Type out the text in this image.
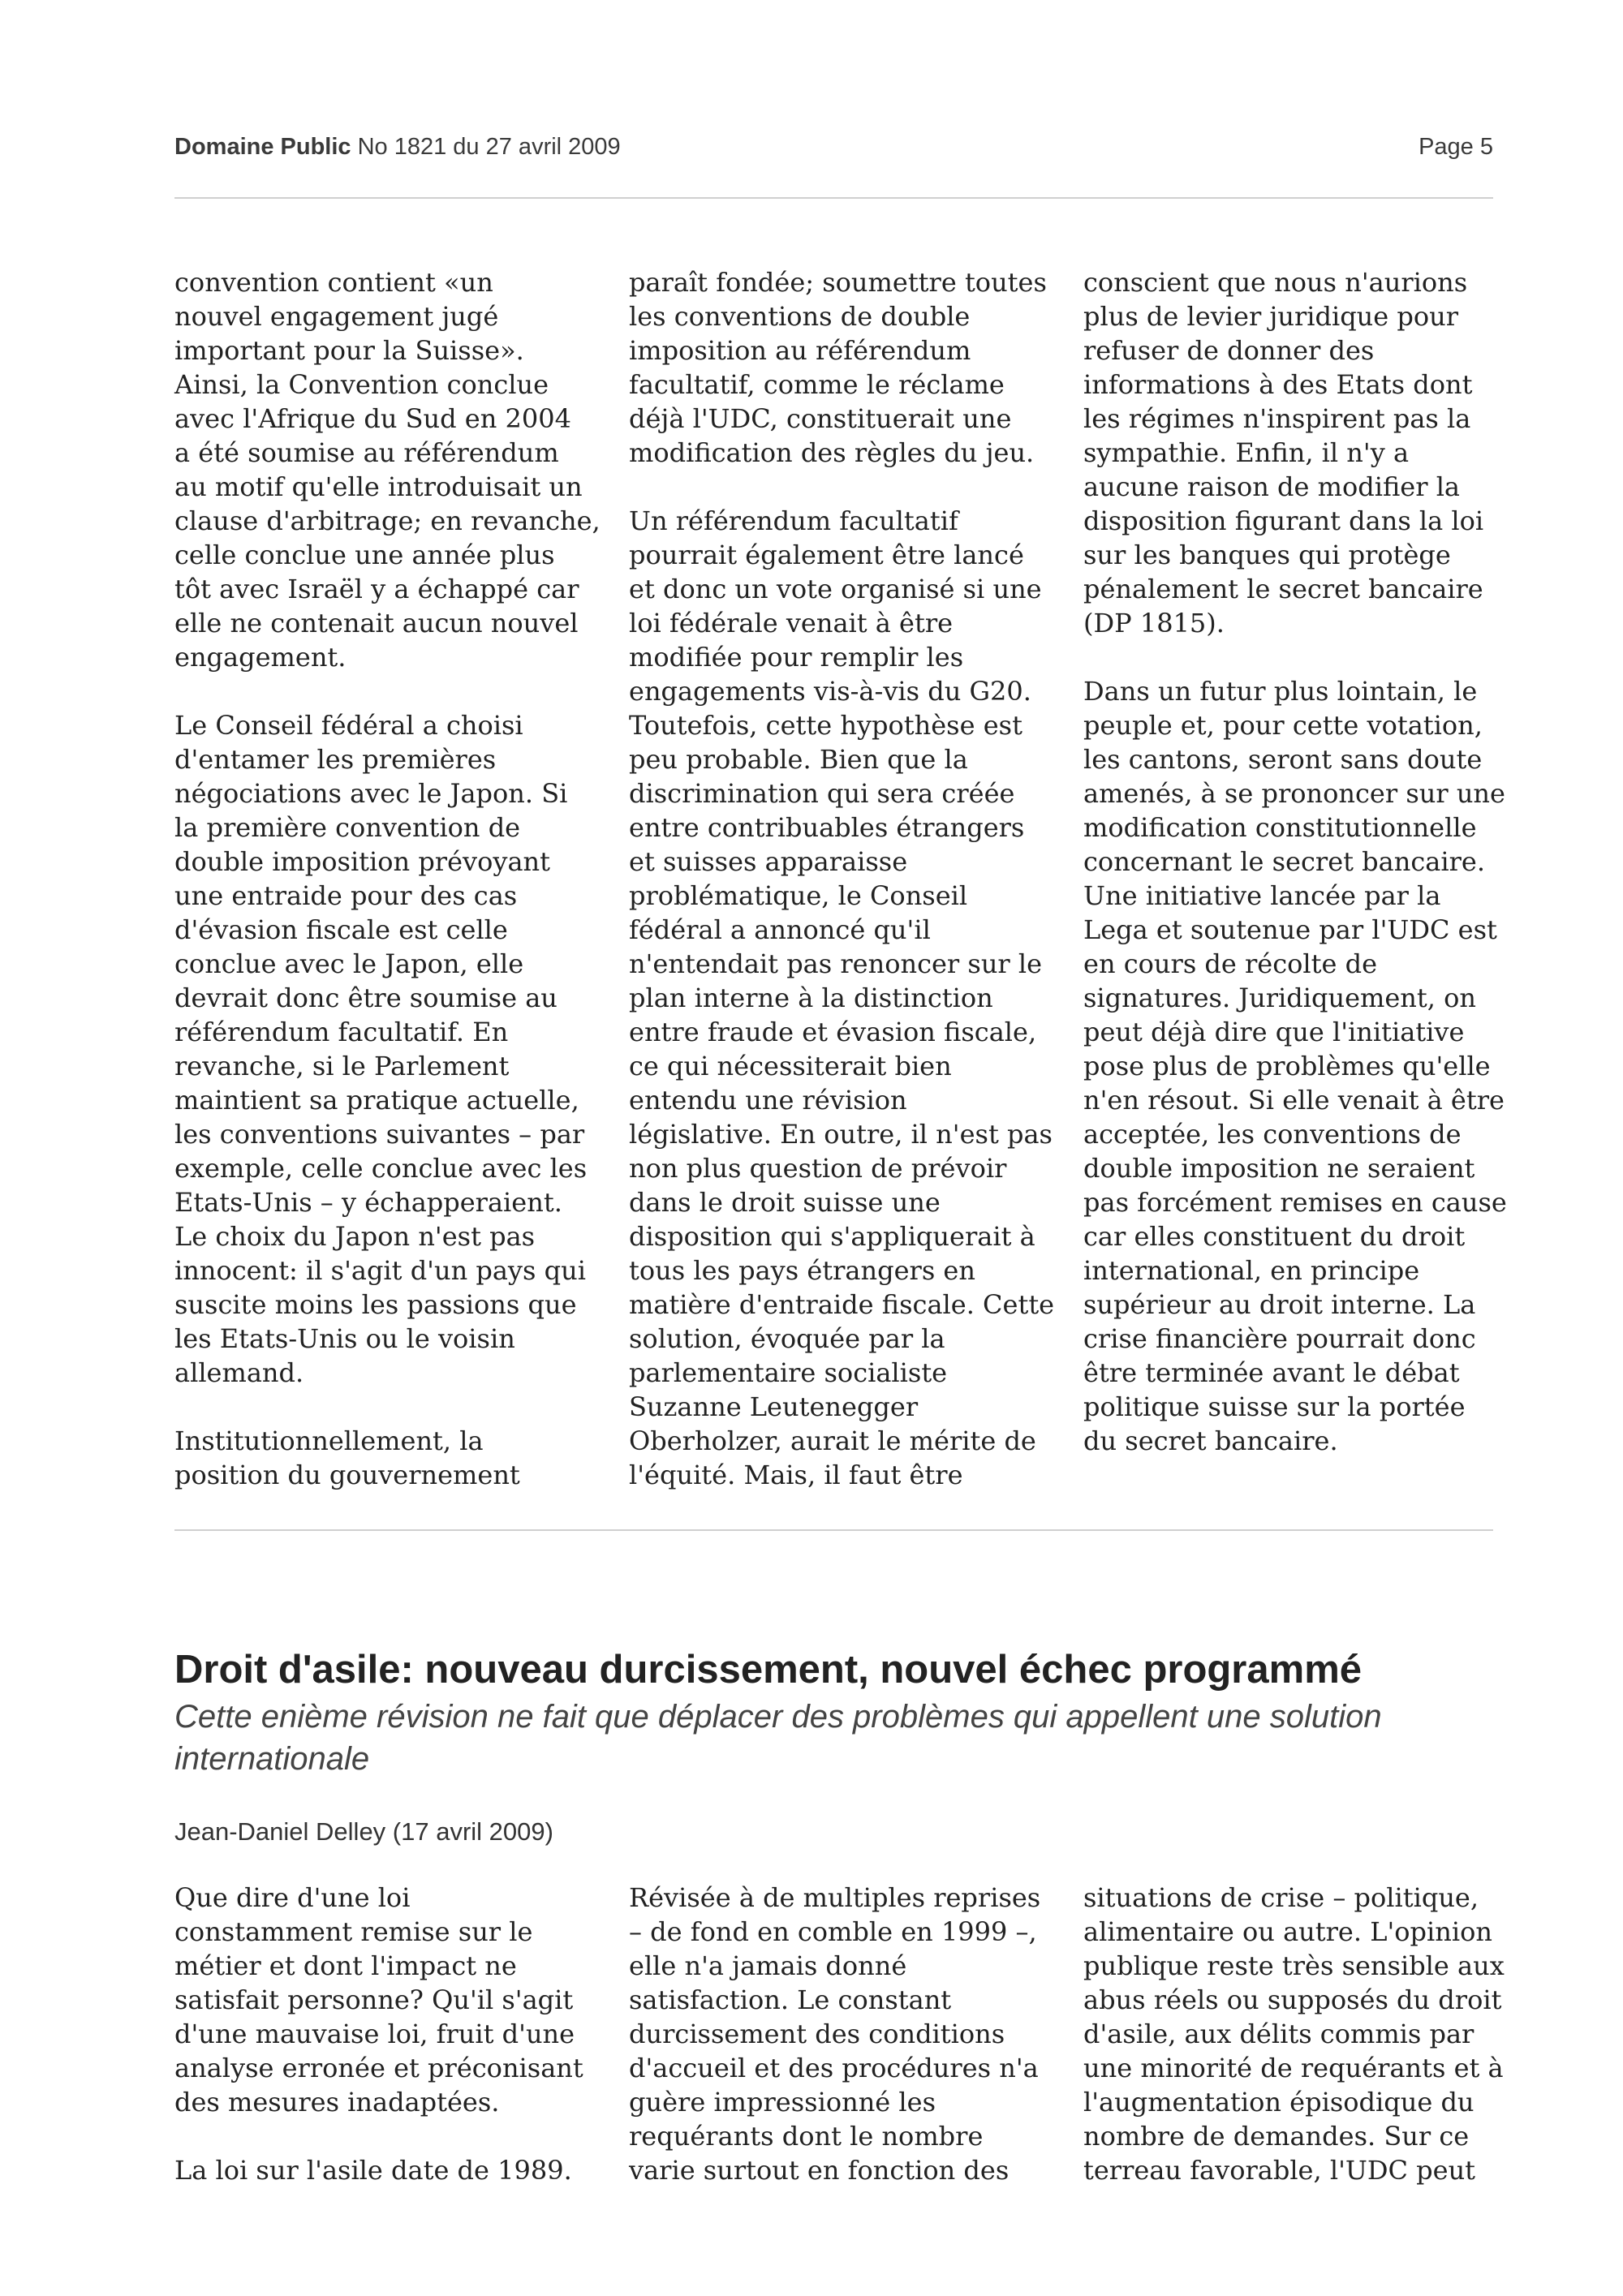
Domaine Public No 1821 du 27 avril 2009	Page 5

convention contient «un
nouvel engagement jugé
important pour la Suisse».
Ainsi, la Convention conclue
avec l'Afrique du Sud en 2004
a été soumise au référendum
au motif qu'elle introduisait un
clause d'arbitrage; en revanche,
celle conclue une année plus
tôt avec Israël y a échappé car
elle ne contenait aucun nouvel
engagement.

Le Conseil fédéral a choisi
d'entamer les premières
négociations avec le Japon. Si
la première convention de
double imposition prévoyant
une entraide pour des cas
d'évasion fiscale est celle
conclue avec le Japon, elle
devrait donc être soumise au
référendum facultatif. En
revanche, si le Parlement
maintient sa pratique actuelle,
les conventions suivantes – par
exemple, celle conclue avec les
Etats-Unis – y échapperaient.
Le choix du Japon n'est pas
innocent: il s'agit d'un pays qui
suscite moins les passions que
les Etats-Unis ou le voisin
allemand.

Institutionnellement, la
position du gouvernement

paraît fondée; soumettre toutes
les conventions de double
imposition au référendum
facultatif, comme le réclame
déjà l'UDC, constituerait une
modification des règles du jeu.

Un référendum facultatif
pourrait également être lancé
et donc un vote organisé si une
loi fédérale venait à être
modifiée pour remplir les
engagements vis-à-vis du G20.
Toutefois, cette hypothèse est
peu probable. Bien que la
discrimination qui sera créée
entre contribuables étrangers
et suisses apparaisse
problématique, le Conseil
fédéral a annoncé qu'il
n'entendait pas renoncer sur le
plan interne à la distinction
entre fraude et évasion fiscale,
ce qui nécessiterait bien
entendu une révision
législative. En outre, il n'est pas
non plus question de prévoir
dans le droit suisse une
disposition qui s'appliquerait à
tous les pays étrangers en
matière d'entraide fiscale. Cette
solution, évoquée par la
parlementaire socialiste
Suzanne Leutenegger
Oberholzer, aurait le mérite de
l'équité. Mais, il faut être

conscient que nous n'aurions
plus de levier juridique pour
refuser de donner des
informations à des Etats dont
les régimes n'inspirent pas la
sympathie. Enfin, il n'y a
aucune raison de modifier la
disposition figurant dans la loi
sur les banques qui protège
pénalement le secret bancaire
(DP 1815).

Dans un futur plus lointain, le
peuple et, pour cette votation,
les cantons, seront sans doute
amenés, à se prononcer sur une
modification constitutionnelle
concernant le secret bancaire.
Une initiative lancée par la
Lega et soutenue par l'UDC est
en cours de récolte de
signatures. Juridiquement, on
peut déjà dire que l'initiative
pose plus de problèmes qu'elle
n'en résout. Si elle venait à être
acceptée, les conventions de
double imposition ne seraient
pas forcément remises en cause
car elles constituent du droit
international, en principe
supérieur au droit interne. La
crise financière pourrait donc
être terminée avant le débat
politique suisse sur la portée
du secret bancaire.

Droit d'asile: nouveau durcissement, nouvel échec programmé
Cette enième révision ne fait que déplacer des problèmes qui appellent une solution internationale
Jean-Daniel Delley (17 avril 2009)

Que dire d'une loi
constamment remise sur le
métier et dont l'impact ne
satisfait personne? Qu'il s'agit
d'une mauvaise loi, fruit d'une
analyse erronée et préconisant
des mesures inadaptées.

La loi sur l'asile date de 1989.

Révisée à de multiples reprises
– de fond en comble en 1999 –,
elle n'a jamais donné
satisfaction. Le constant
durcissement des conditions
d'accueil et des procédures n'a
guère impressionné les
requérants dont le nombre
varie surtout en fonction des

situations de crise – politique,
alimentaire ou autre. L'opinion
publique reste très sensible aux
abus réels ou supposés du droit
d'asile, aux délits commis par
une minorité de requérants et à
l'augmentation épisodique du
nombre de demandes. Sur ce
terreau favorable, l'UDC peut
